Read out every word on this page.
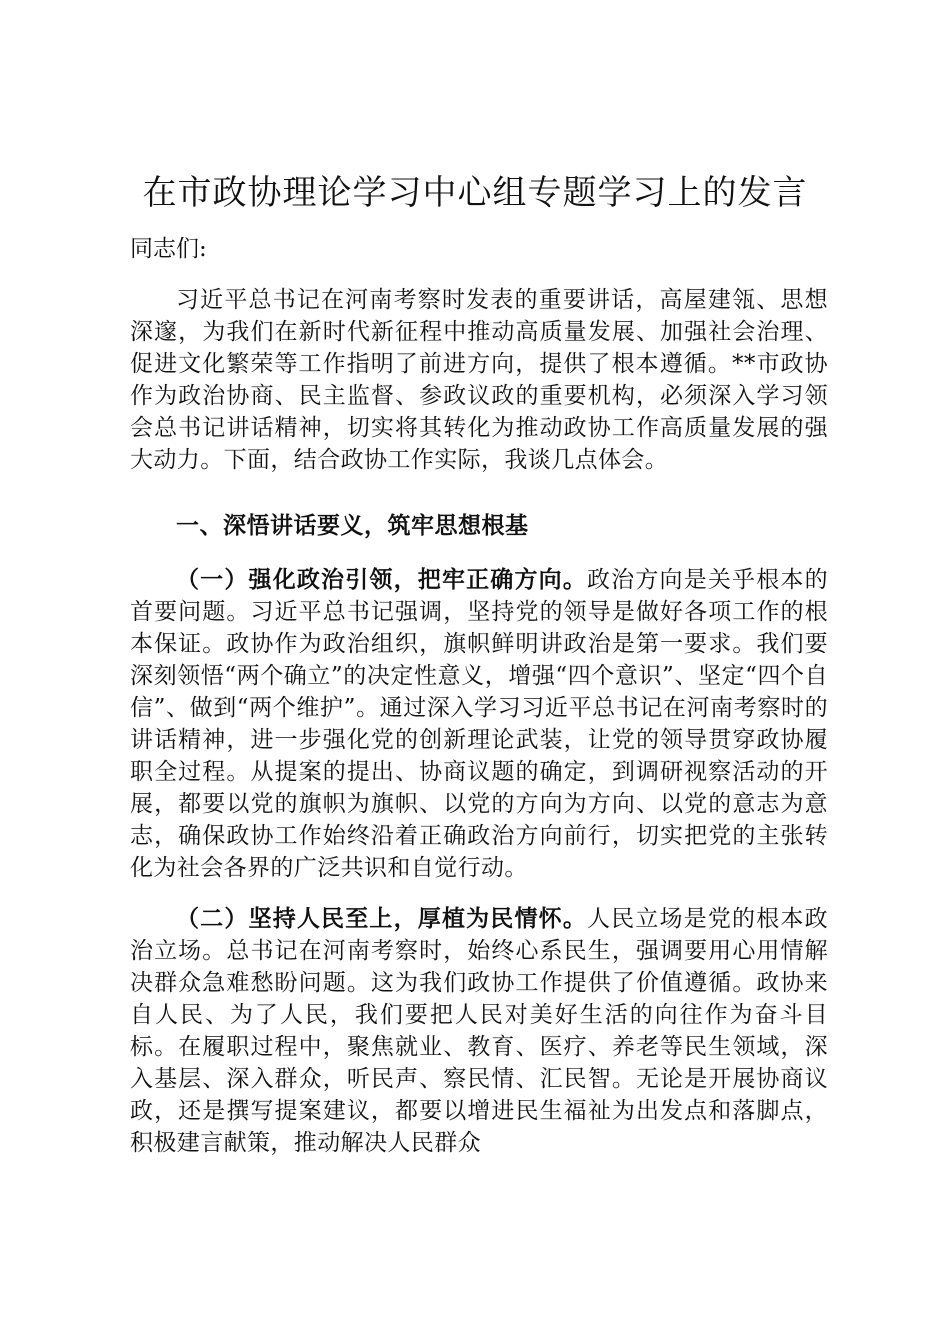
在市政协理论学习中心组专题学习上的发言

同志们:

习近平总书记在河南考察时发表的重要讲话，高屋建瓴、思想深邃，为我们在新时代新征程中推动高质量发展、加强社会治理、促进文化繁荣等工作指明了前进方向，提供了根本遵循。**市政协作为政治协商、民主监督、参政议政的重要机构，必须深入学习领会总书记讲话精神，切实将其转化为推动政协工作高质量发展的强大动力。下面，结合政协工作实际，我谈几点体会。

一、深悟讲话要义，筑牢思想根基

（一）强化政治引领，把牢正确方向。政治方向是关乎根本的首要问题。习近平总书记强调，坚持党的领导是做好各项工作的根本保证。政协作为政治组织，旗帜鲜明讲政治是第一要求。我们要深刻领悟“两个确立”的决定性意义，增强“四个意识”、坚定“四个自信”、做到“两个维护”。通过深入学习习近平总书记在河南考察时的讲话精神，进一步强化党的创新理论武装，让党的领导贯穿政协履职全过程。从提案的提出、协商议题的确定，到调研视察活动的开展，都要以党的旗帜为旗帜、以党的方向为方向、以党的意志为意志，确保政协工作始终沿着正确政治方向前行，切实把党的主张转化为社会各界的广泛共识和自觉行动。

（二）坚持人民至上，厚植为民情怀。人民立场是党的根本政治立场。总书记在河南考察时，始终心系民生，强调要用心用情解决群众急难愁盼问题。这为我们政协工作提供了价值遵循。政协来自人民、为了人民，我们要把人民对美好生活的向往作为奋斗目标。在履职过程中，聚焦就业、教育、医疗、养老等民生领域，深入基层、深入群众，听民声、察民情、汇民智。无论是开展协商议政，还是撰写提案建议，都要以增进民生福祉为出发点和落脚点，积极建言献策，推动解决人民群众
